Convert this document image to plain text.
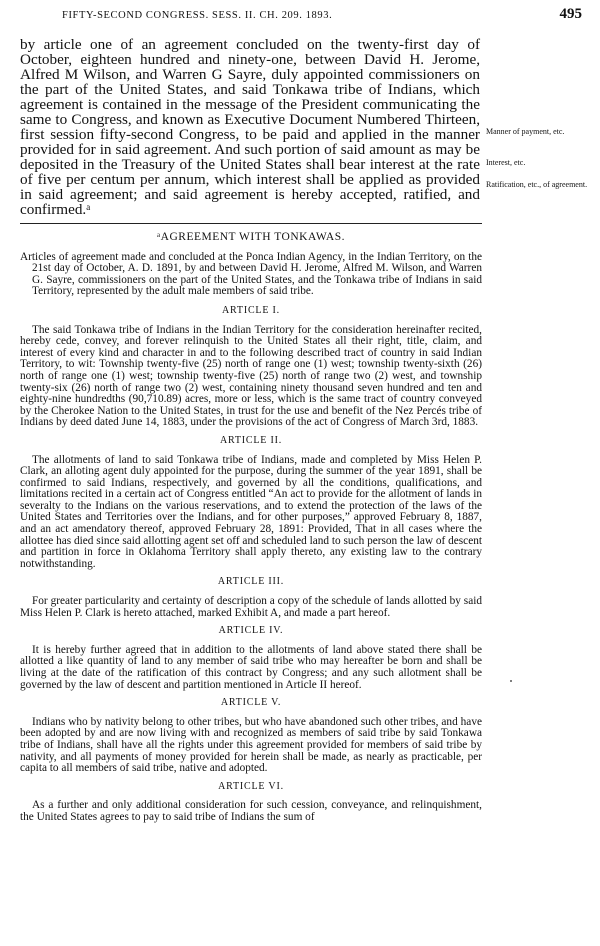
FIFTY-SECOND CONGRESS. SESS. II. CH. 209. 1893.	495

by article one of an agreement concluded on the twenty-first day of October, eighteen hundred and ninety-one, between David H. Jerome, Alfred M Wilson, and Warren G Sayre, duly appointed commissioners on the part of the United States, and said Tonkawa tribe of Indians, which agreement is contained in the message of the President communicating the same to Congress, and known as Executive Document Numbered Thirteen, first session fifty-second Congress, to be paid and applied in the manner provided for in said agreement. And such portion of said amount as may be deposited in the Treasury of the United States shall bear interest at the rate of five per centum per annum, which interest shall be applied as provided in said agreement; and said agreement is hereby accepted, ratified, and confirmed.ᵃ

Manner of payment, etc.
Interest, etc.
Ratification, etc., of agreement.
ᵃAGREEMENT WITH TONKAWAS.

Articles of agreement made and concluded at the Ponca Indian Agency, in the Indian Territory, on the 21st day of October, A. D. 1891, by and between David H. Jerome, Alfred M. Wilson, and Warren G. Sayre, commissioners on the part of the United States, and the Tonkawa tribe of Indians in said Territory, represented by the adult male members of said tribe.

ARTICLE I.

The said Tonkawa tribe of Indians in the Indian Territory for the consideration hereinafter recited, hereby cede, convey, and forever relinquish to the United States all their right, title, claim, and interest of every kind and character in and to the following described tract of country in said Indian Territory, to wit: Township twenty-five (25) north of range one (1) west; township twenty-sixth (26) north of range one (1) west; township twenty-five (25) north of range two (2) west, and township twenty-six (26) north of range two (2) west, containing ninety thousand seven hundred and ten and eighty-nine hundredths (90,710.89) acres, more or less, which is the same tract of country conveyed by the Cherokee Nation to the United States, in trust for the use and benefit of the Nez Percés tribe of Indians by deed dated June 14, 1883, under the provisions of the act of Congress of March 3rd, 1883.

ARTICLE II.

The allotments of land to said Tonkawa tribe of Indians, made and completed by Miss Helen P. Clark, an alloting agent duly appointed for the purpose, during the summer of the year 1891, shall be confirmed to said Indians, respectively, and governed by all the conditions, qualifications, and limitations recited in a certain act of Congress entitled “An act to provide for the allotment of lands in severalty to the Indians on the various reservations, and to extend the protection of the laws of the United States and Territories over the Indians, and for other purposes,” approved February 8, 1887, and an act amendatory thereof, approved February 28, 1891: Provided, That in all cases where the allottee has died since said allotting agent set off and scheduled land to such person the law of descent and partition in force in Oklahoma Territory shall apply thereto, any existing law to the contrary notwithstanding.

ARTICLE III.

For greater particularity and certainty of description a copy of the schedule of lands allotted by said Miss Helen P. Clark is hereto attached, marked Exhibit A, and made a part hereof.

ARTICLE IV.

It is hereby further agreed that in addition to the allotments of land above stated there shall be allotted a like quantity of land to any member of said tribe who may hereafter be born and shall be living at the date of the ratification of this contract by Congress; and any such allotment shall be governed by the law of descent and partition mentioned in Article II hereof.

ARTICLE V.

Indians who by nativity belong to other tribes, but who have abandoned such other tribes, and have been adopted by and are now living with and recognized as members of said tribe by said Tonkawa tribe of Indians, shall have all the rights under this agreement provided for members of said tribe by nativity, and all payments of money provided for herein shall be made, as nearly as practicable, per capita to all members of said tribe, native and adopted.

ARTICLE VI.

As a further and only additional consideration for such cession, conveyance, and relinquishment, the United States agrees to pay to said tribe of Indians the sum of
